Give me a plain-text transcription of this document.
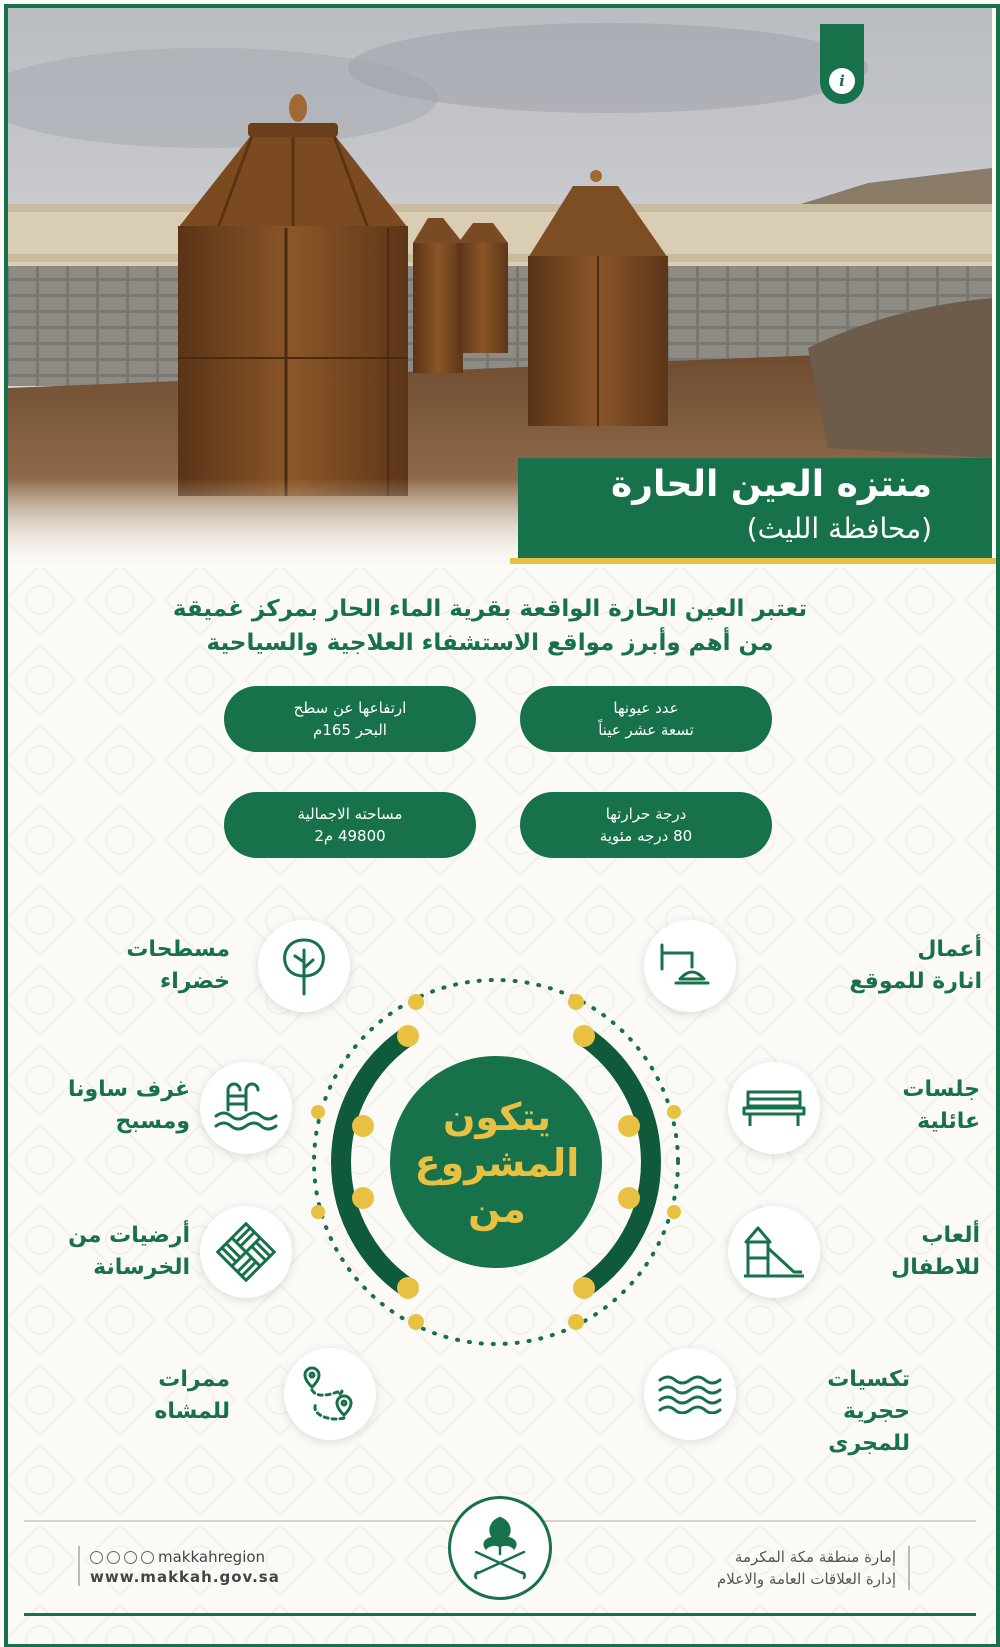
i
منتزه العين الحارة
(محافظة الليث)
تعتبر العين الحارة الواقعة بقرية الماء الحار بمركز غميقة
من أهم وأبرز مواقع الاستشفاء العلاجية والسياحية
عدد عيونها
تسعة عشر عيناً
ارتفاعها عن سطح
البحر 165م
درجة حرارتها
80 درجه مئوية
مساحته الاجمالية
49800 م2
يتكون
المشروع
من
أعمال
انارة للموقع
جلسات
عائلية
ألعاب
للاطفال
تكسيات حجرية
للمجرى
مسطحات
خضراء
غرف ساونا
ومسبح
أرضيات من
الخرسانة
ممرات
للمشاه
إمارة منطقة مكة المكرمة
إدارة العلاقات العامة والاعلام
makkahregion
www.makkah.gov.sa
